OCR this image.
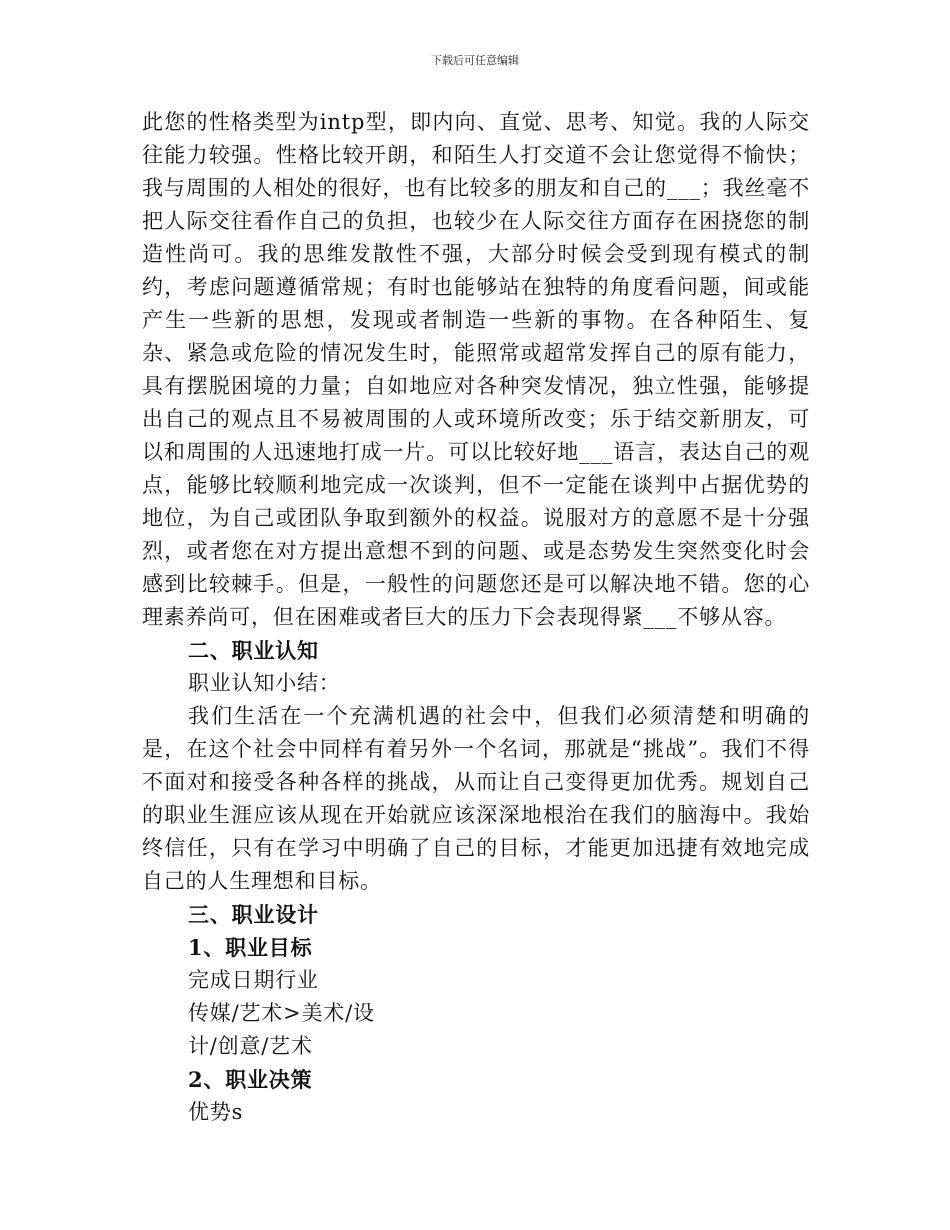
下载后可任意编辑

此您的性格类型为intp型，即内向、直觉、思考、知觉。我的人际交往能力较强。性格比较开朗，和陌生人打交道不会让您觉得不愉快；我与周围的人相处的很好，也有比较多的朋友和自己的___；我丝毫不把人际交往看作自己的负担，也较少在人际交往方面存在困挠您的制造性尚可。我的思维发散性不强，大部分时候会受到现有模式的制约，考虑问题遵循常规；有时也能够站在独特的角度看问题，间或能产生一些新的思想，发现或者制造一些新的事物。在各种陌生、复杂、紧急或危险的情况发生时，能照常或超常发挥自己的原有能力，具有摆脱困境的力量；自如地应对各种突发情况，独立性强，能够提出自己的观点且不易被周围的人或环境所改变；乐于结交新朋友，可以和周围的人迅速地打成一片。可以比较好地___语言，表达自己的观点，能够比较顺利地完成一次谈判，但不一定能在谈判中占据优势的地位，为自己或团队争取到额外的权益。说服对方的意愿不是十分强烈，或者您在对方提出意想不到的问题、或是态势发生突然变化时会感到比较棘手。但是，一般性的问题您还是可以解决地不错。您的心理素养尚可，但在困难或者巨大的压力下会表现得紧___不够从容。

二、职业认知

职业认知小结：

我们生活在一个充满机遇的社会中，但我们必须清楚和明确的是，在这个社会中同样有着另外一个名词，那就是“挑战”。我们不得不面对和接受各种各样的挑战，从而让自己变得更加优秀。规划自己的职业生涯应该从现在开始就应该深深地根治在我们的脑海中。我始终信任，只有在学习中明确了自己的目标，才能更加迅捷有效地完成自己的人生理想和目标。

三、职业设计

1、职业目标

完成日期行业

传媒/艺术>美术/设

计/创意/艺术

2、职业决策

优势s
